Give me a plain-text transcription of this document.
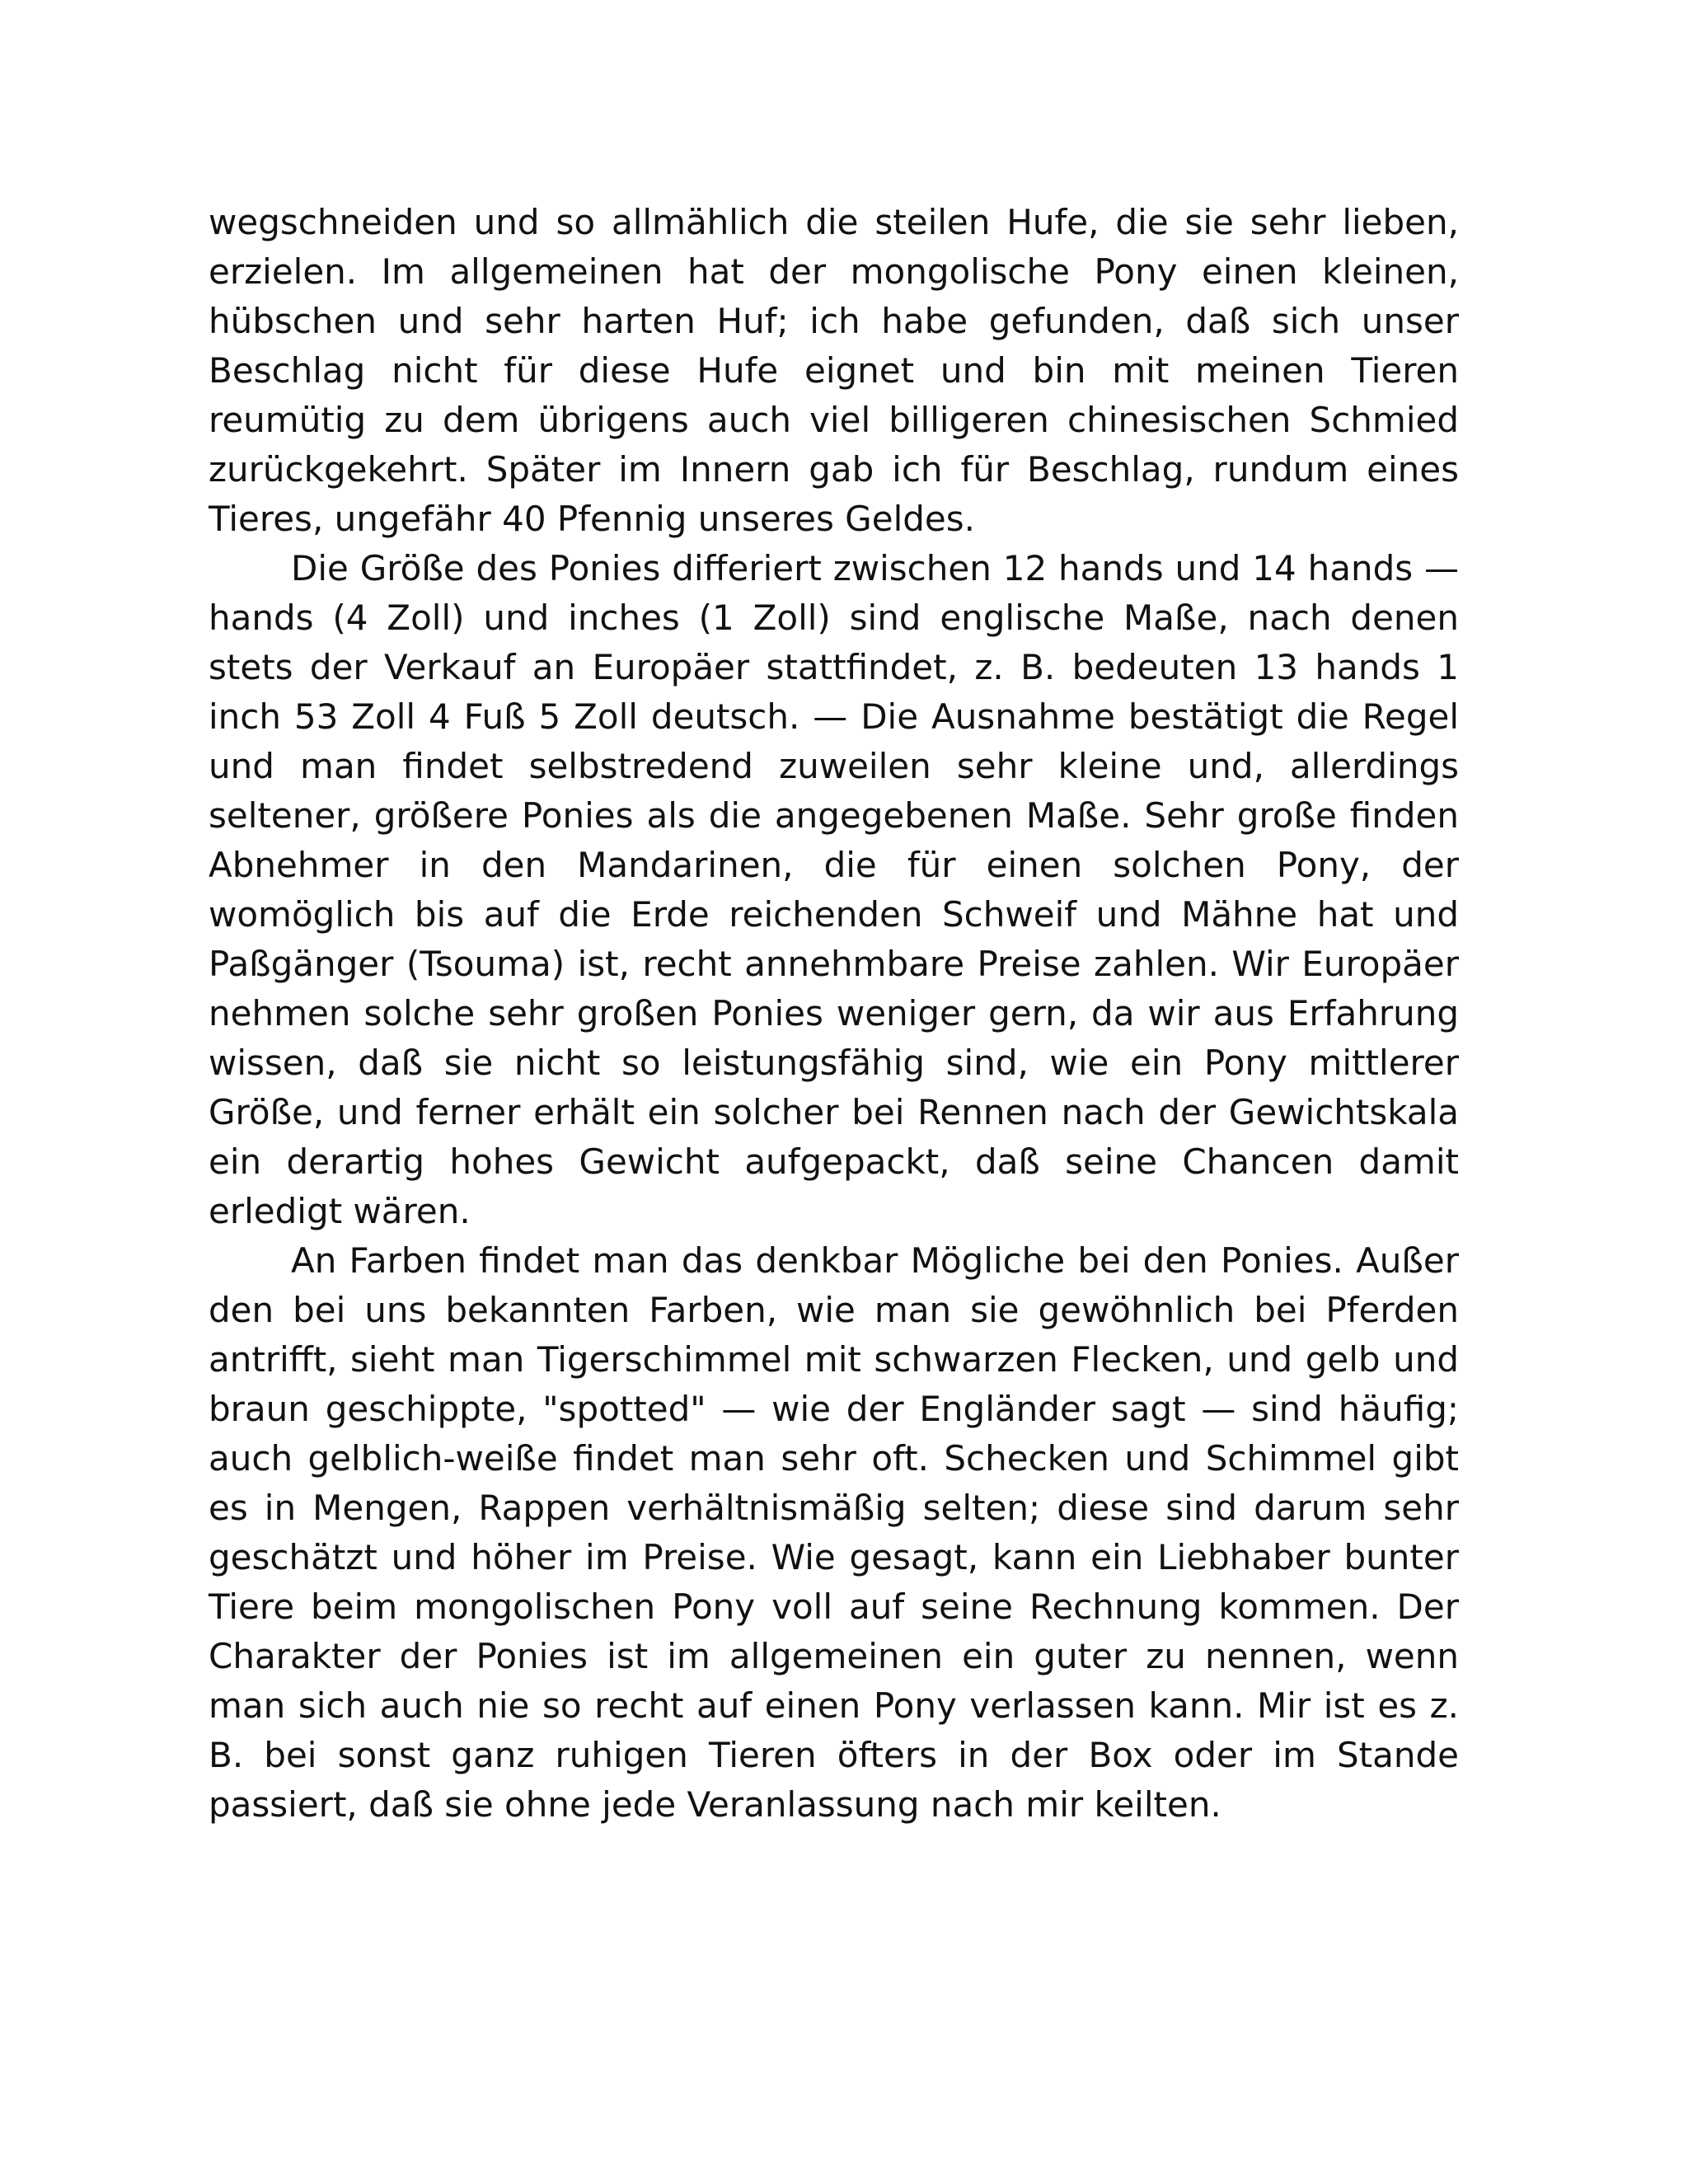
wegschneiden und so allmählich die steilen Hufe, die sie sehr lieben, erzielen. Im allgemeinen hat der mongolische Pony einen kleinen, hübschen und sehr harten Huf; ich habe gefunden, daß sich unser Beschlag nicht für diese Hufe eignet und bin mit meinen Tieren reumütig zu dem übrigens auch viel billigeren chinesischen Schmied zurückgekehrt. Später im Innern gab ich für Beschlag, rundum eines Tieres, ungefähr 40 Pfennig unseres Geldes.

Die Größe des Ponies differiert zwischen 12 hands und 14 hands — hands (4 Zoll) und inches (1 Zoll) sind englische Maße, nach denen stets der Verkauf an Europäer stattfindet, z. B. bedeuten 13 hands 1 inch 53 Zoll 4 Fuß 5 Zoll deutsch. — Die Ausnahme bestätigt die Regel und man findet selbstredend zuweilen sehr kleine und, allerdings seltener, größere Ponies als die angegebenen Maße. Sehr große finden Abnehmer in den Mandarinen, die für einen solchen Pony, der womöglich bis auf die Erde reichenden Schweif und Mähne hat und Paßgänger (Tsouma) ist, recht annehmbare Preise zahlen. Wir Europäer nehmen solche sehr großen Ponies weniger gern, da wir aus Erfahrung wissen, daß sie nicht so leistungsfähig sind, wie ein Pony mittlerer Größe, und ferner erhält ein solcher bei Rennen nach der Gewichtskala ein derartig hohes Gewicht aufgepackt, daß seine Chancen damit erledigt wären.

An Farben findet man das denkbar Mögliche bei den Ponies. Außer den bei uns bekannten Farben, wie man sie gewöhnlich bei Pferden antrifft, sieht man Tigerschimmel mit schwarzen Flecken, und gelb und braun geschippte, "spotted" — wie der Engländer sagt — sind häufig; auch gelblich-weiße findet man sehr oft. Schecken und Schimmel gibt es in Mengen, Rappen verhältnismäßig selten; diese sind darum sehr geschätzt und höher im Preise. Wie gesagt, kann ein Liebhaber bunter Tiere beim mongolischen Pony voll auf seine Rechnung kommen. Der Charakter der Ponies ist im allgemeinen ein guter zu nennen, wenn man sich auch nie so recht auf einen Pony verlassen kann. Mir ist es z. B. bei sonst ganz ruhigen Tieren öfters in der Box oder im Stande passiert, daß sie ohne jede Veranlassung nach mir keilten.
